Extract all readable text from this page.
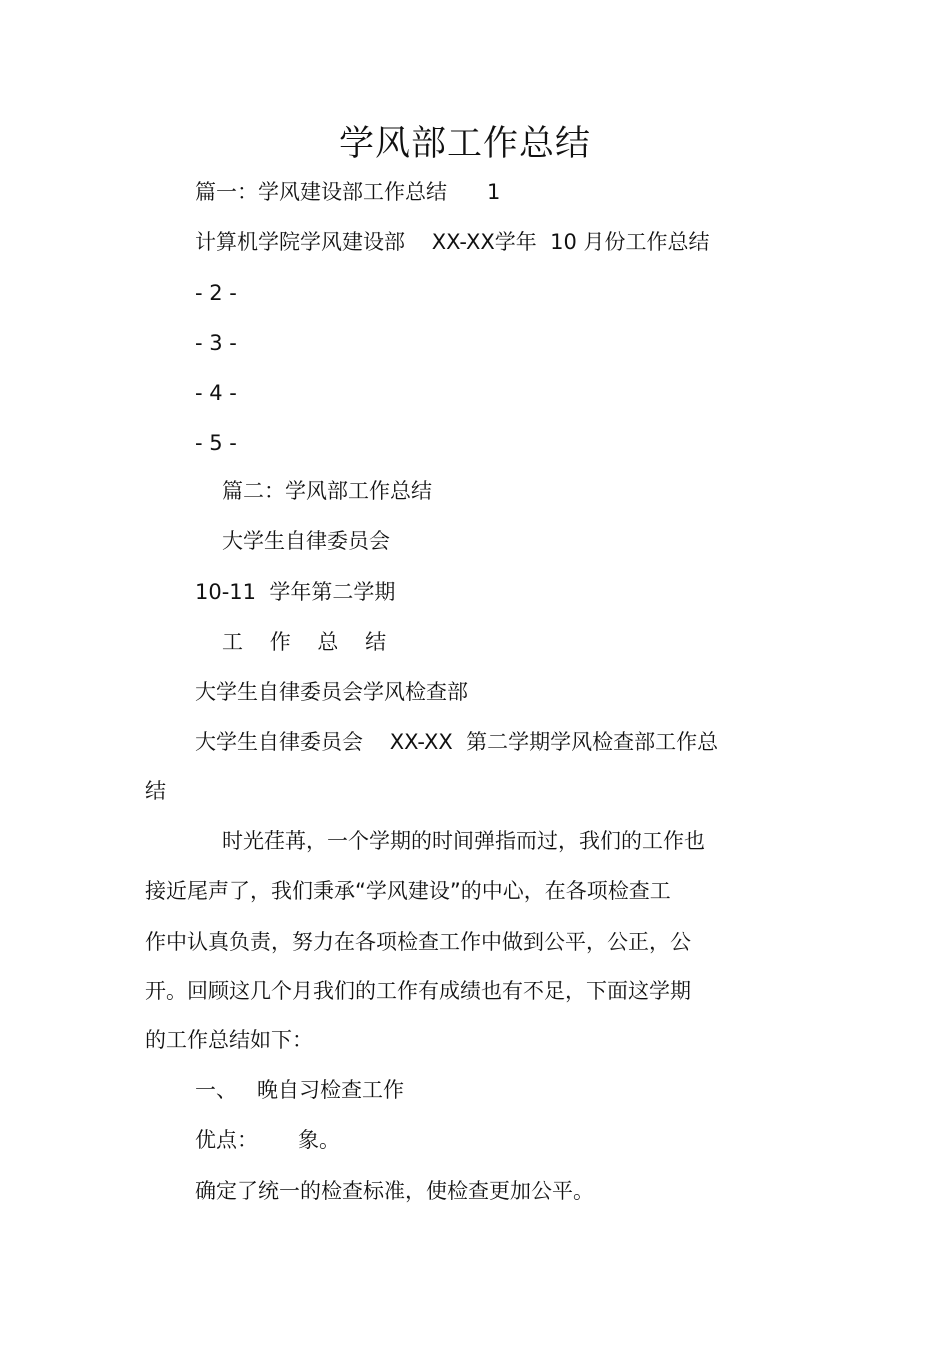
学风部工作总结

篇一：学风建设部工作总结      1

计算机学院学风建设部    XX-XX学年  10 月份工作总结

- 2 -

- 3 -

- 4 -

- 5 -

篇二：学风部工作总结

大学生自律委员会

10-11  学年第二学期

工    作    总    结

大学生自律委员会学风检查部

大学生自律委员会    XX-XX  第二学期学风检查部工作总

结

时光荏苒，一个学期的时间弹指而过，我们的工作也

接近尾声了，我们秉承“学风建设”的中心，在各项检查工

作中认真负责，努力在各项检查工作中做到公平，公正，公

开。回顾这几个月我们的工作有成绩也有不足，下面这学期

的工作总结如下：

一、   晚自习检查工作

优点：      象。

确定了统一的检查标准，使检查更加公平。
